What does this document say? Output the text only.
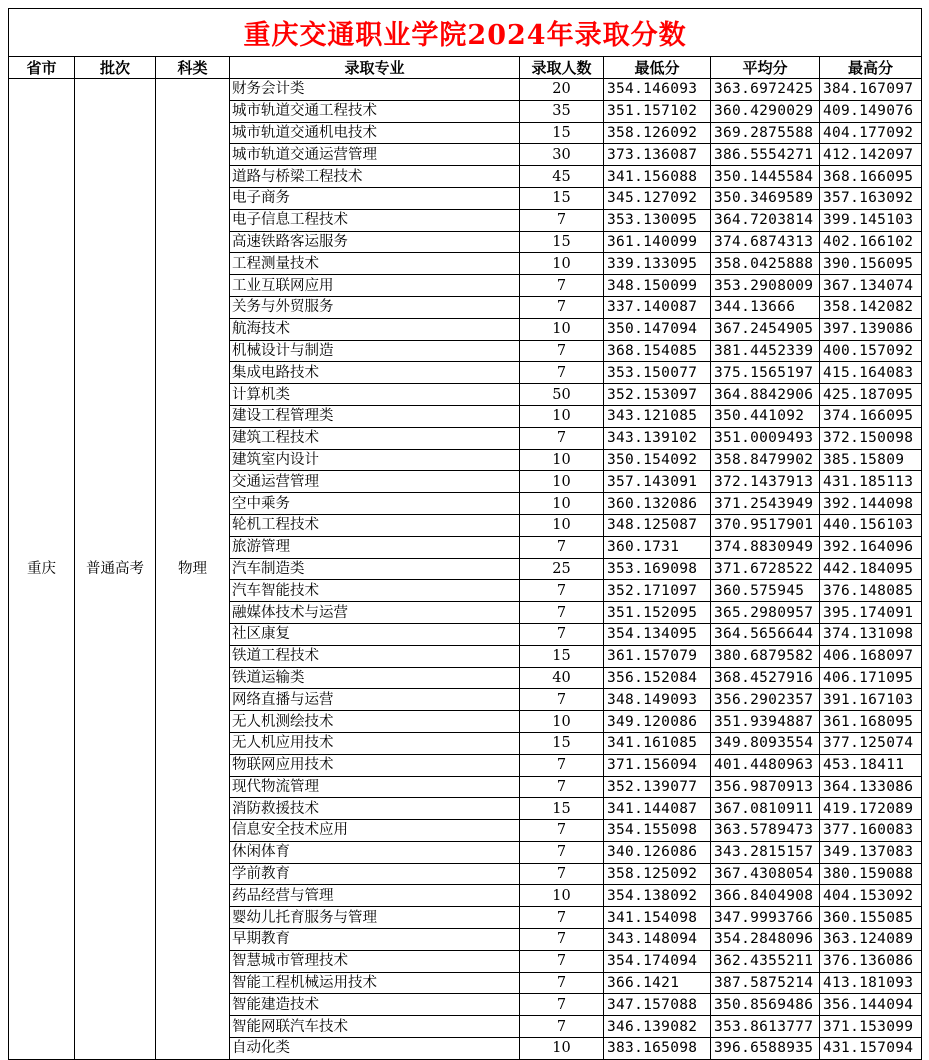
重庆交通职业学院2024年录取分数							
省市	批次	科类	录取专业	录取人数	最低分	平均分	最高分
重庆	普通高考	物理	财务会计类	20	354.146093	363.6972425	384.167097
			城市轨道交通工程技术	35	351.157102	360.4290029	409.149076
			城市轨道交通机电技术	15	358.126092	369.2875588	404.177092
			城市轨道交通运营管理	30	373.136087	386.5554271	412.142097
			道路与桥梁工程技术	45	341.156088	350.1445584	368.166095
			电子商务	15	345.127092	350.3469589	357.163092
			电子信息工程技术	7	353.130095	364.7203814	399.145103
			高速铁路客运服务	15	361.140099	374.6874313	402.166102
			工程测量技术	10	339.133095	358.0425888	390.156095
			工业互联网应用	7	348.150099	353.2908009	367.134074
			关务与外贸服务	7	337.140087	344.13666	358.142082
			航海技术	10	350.147094	367.2454905	397.139086
			机械设计与制造	7	368.154085	381.4452339	400.157092
			集成电路技术	7	353.150077	375.1565197	415.164083
			计算机类	50	352.153097	364.8842906	425.187095
			建设工程管理类	10	343.121085	350.441092	374.166095
			建筑工程技术	7	343.139102	351.0009493	372.150098
			建筑室内设计	10	350.154092	358.8479902	385.15809
			交通运营管理	10	357.143091	372.1437913	431.185113
			空中乘务	10	360.132086	371.2543949	392.144098
			轮机工程技术	10	348.125087	370.9517901	440.156103
			旅游管理	7	360.1731	374.8830949	392.164096
			汽车制造类	25	353.169098	371.6728522	442.184095
			汽车智能技术	7	352.171097	360.575945	376.148085
			融媒体技术与运营	7	351.152095	365.2980957	395.174091
			社区康复	7	354.134095	364.5656644	374.131098
			铁道工程技术	15	361.157079	380.6879582	406.168097
			铁道运输类	40	356.152084	368.4527916	406.171095
			网络直播与运营	7	348.149093	356.2902357	391.167103
			无人机测绘技术	10	349.120086	351.9394887	361.168095
			无人机应用技术	15	341.161085	349.8093554	377.125074
			物联网应用技术	7	371.156094	401.4480963	453.18411
			现代物流管理	7	352.139077	356.9870913	364.133086
			消防救援技术	15	341.144087	367.0810911	419.172089
			信息安全技术应用	7	354.155098	363.5789473	377.160083
			休闲体育	7	340.126086	343.2815157	349.137083
			学前教育	7	358.125092	367.4308054	380.159088
			药品经营与管理	10	354.138092	366.8404908	404.153092
			婴幼儿托育服务与管理	7	341.154098	347.9993766	360.155085
			早期教育	7	343.148094	354.2848096	363.124089
			智慧城市管理技术	7	354.174094	362.4355211	376.136086
			智能工程机械运用技术	7	366.1421	387.5875214	413.181093
			智能建造技术	7	347.157088	350.8569486	356.144094
			智能网联汽车技术	7	346.139082	353.8613777	371.153099
			自动化类	10	383.165098	396.6588935	431.157094
